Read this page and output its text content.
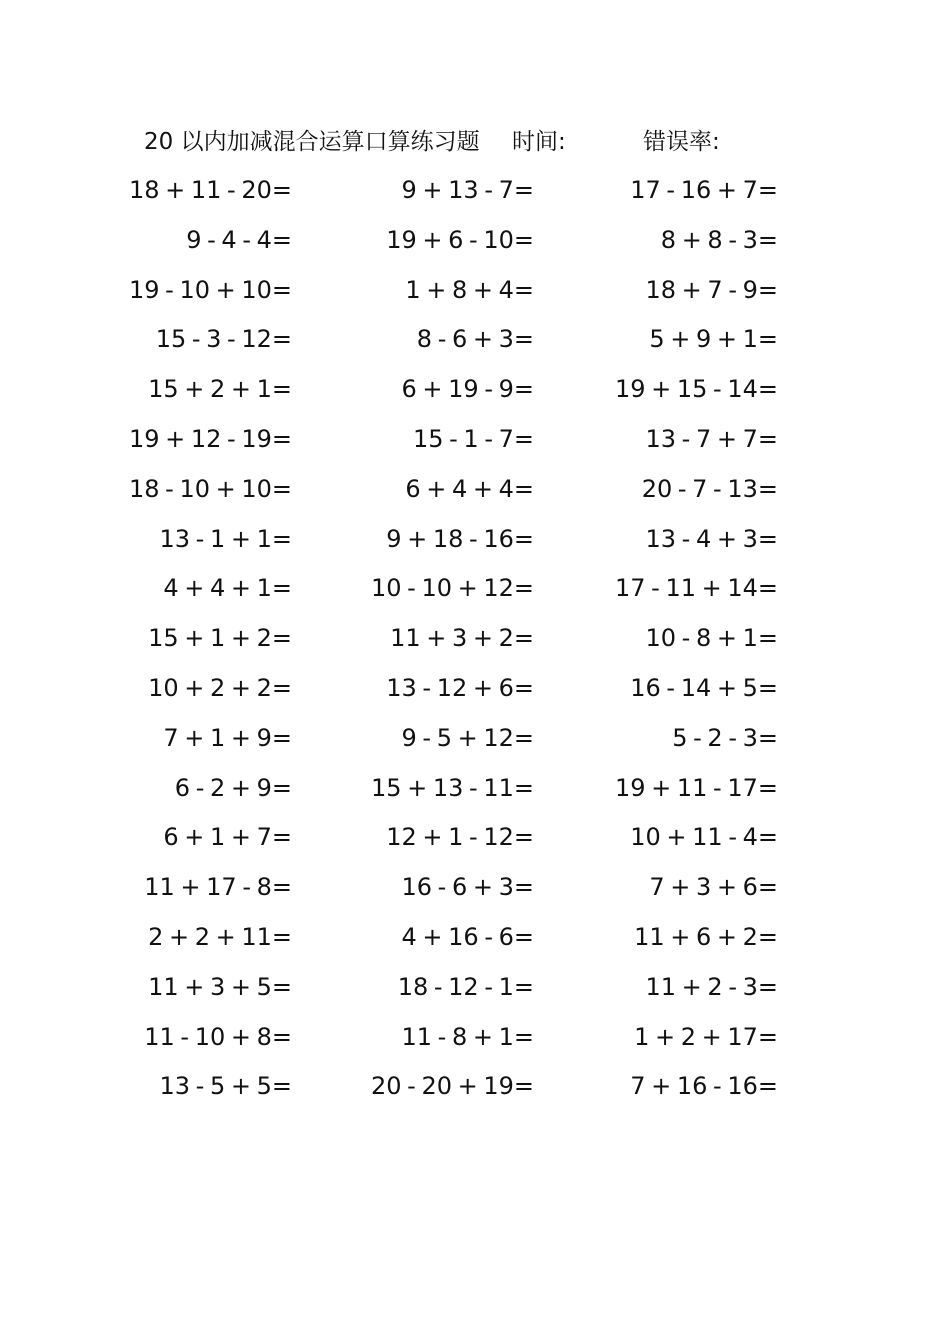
20 以内加减混合运算口算练习题 时间:	错误率:
18 + 11 - 20=	9 + 13 - 7=	17 - 16 + 7=
9 - 4 - 4=	19 + 6 - 10=	8 + 8 - 3=
19 - 10 + 10=	1 + 8 + 4=	18 + 7 - 9=
15 - 3 - 12=	8 - 6 + 3=	5 + 9 + 1=
15 + 2 + 1=	6 + 19 - 9=	19 + 15 - 14=
19 + 12 - 19=	15 - 1 - 7=	13 - 7 + 7=
18 - 10 + 10=	6 + 4 + 4=	20 - 7 - 13=
13 - 1 + 1=	9 + 18 - 16=	13 - 4 + 3=
4 + 4 + 1=	10 - 10 + 12=	17 - 11 + 14=
15 + 1 + 2=	11 + 3 + 2=	10 - 8 + 1=
10 + 2 + 2=	13 - 12 + 6=	16 - 14 + 5=
7 + 1 + 9=	9 - 5 + 12=	5 - 2 - 3=
6 - 2 + 9=	15 + 13 - 11=	19 + 11 - 17=
6 + 1 + 7=	12 + 1 - 12=	10 + 11 - 4=
11 + 17 - 8=	16 - 6 + 3=	7 + 3 + 6=
2 + 2 + 11=	4 + 16 - 6=	11 + 6 + 2=
11 + 3 + 5=	18 - 12 - 1=	11 + 2 - 3=
11 - 10 + 8=	11 - 8 + 1=	1 + 2 + 17=
13 - 5 + 5=	20 - 20 + 19=	7 + 16 - 16=
